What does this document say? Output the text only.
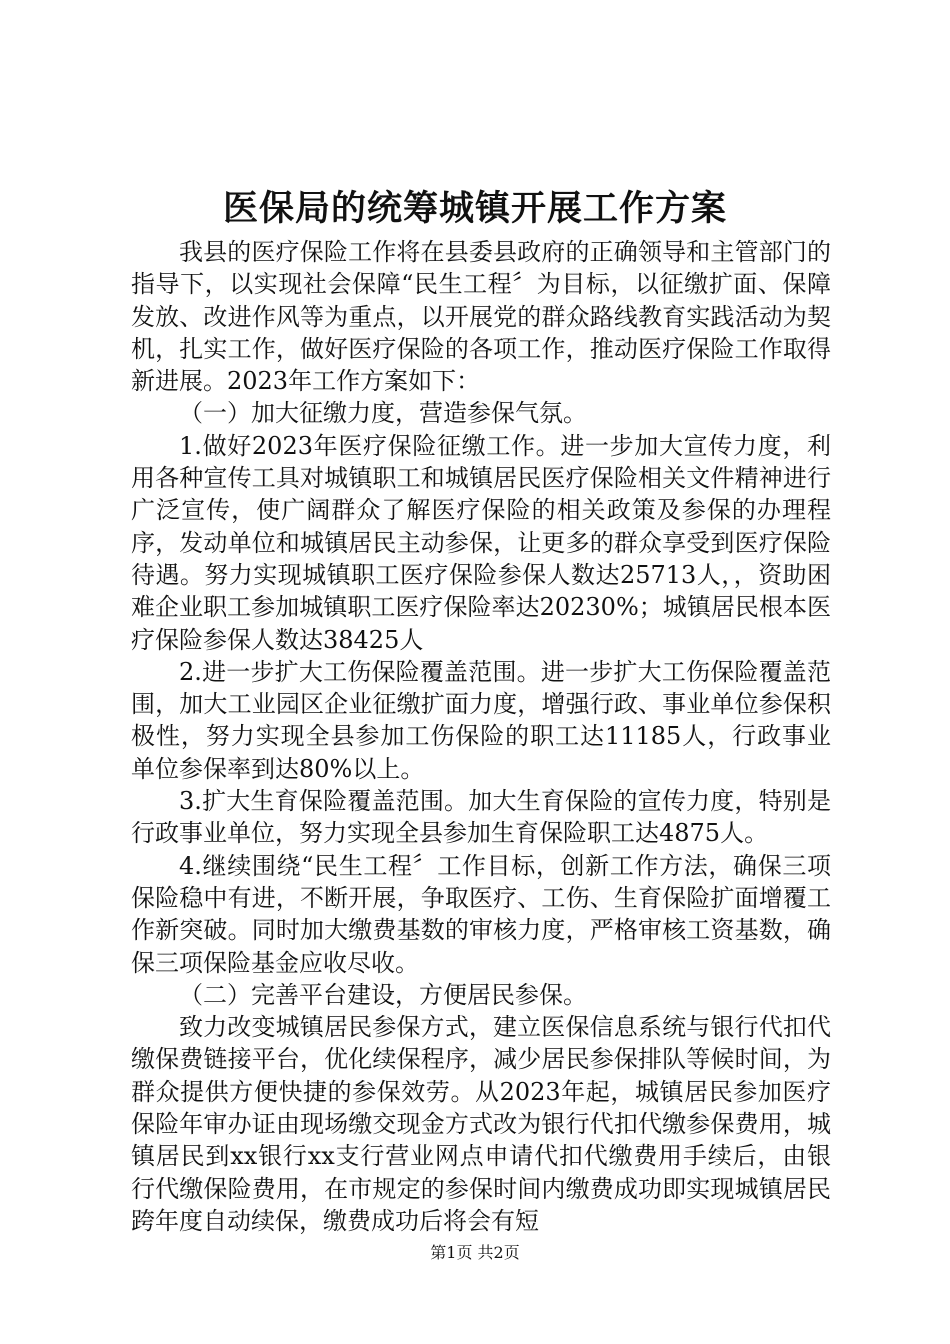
医保局的统筹城镇开展工作方案

我县的医疗保险工作将在县委县政府的正确领导和主管部门的指导下，以实现社会保障“民生工程〞为目标，以征缴扩面、保障发放、改进作风等为重点，以开展党的群众路线教育实践活动为契机，扎实工作，做好医疗保险的各项工作，推动医疗保险工作取得新进展。2023年工作方案如下：

（一）加大征缴力度，营造参保气氛。

1.做好2023年医疗保险征缴工作。进一步加大宣传力度，利用各种宣传工具对城镇职工和城镇居民医疗保险相关文件精神进行广泛宣传，使广阔群众了解医疗保险的相关政策及参保的办理程序，发动单位和城镇居民主动参保，让更多的群众享受到医疗保险待遇。努力实现城镇职工医疗保险参保人数达25713人，，资助困难企业职工参加城镇职工医疗保险率达20230%；城镇居民根本医疗保险参保人数达38425人

2.进一步扩大工伤保险覆盖范围。进一步扩大工伤保险覆盖范围，加大工业园区企业征缴扩面力度，增强行政、事业单位参保积极性，努力实现全县参加工伤保险的职工达11185人，行政事业单位参保率到达80%以上。

3.扩大生育保险覆盖范围。加大生育保险的宣传力度，特别是行政事业单位，努力实现全县参加生育保险职工达4875人。

4.继续围绕“民生工程〞工作目标，创新工作方法，确保三项保险稳中有进，不断开展，争取医疗、工伤、生育保险扩面增覆工作新突破。同时加大缴费基数的审核力度，严格审核工资基数，确保三项保险基金应收尽收。

（二）完善平台建设，方便居民参保。

致力改变城镇居民参保方式，建立医保信息系统与银行代扣代缴保费链接平台，优化续保程序，减少居民参保排队等候时间，为群众提供方便快捷的参保效劳。从2023年起，城镇居民参加医疗保险年审办证由现场缴交现金方式改为银行代扣代缴参保费用，城镇居民到xx银行xx支行营业网点申请代扣代缴费用手续后，由银行代缴保险费用，在市规定的参保时间内缴费成功即实现城镇居民跨年度自动续保，缴费成功后将会有短

第1页 共2页
